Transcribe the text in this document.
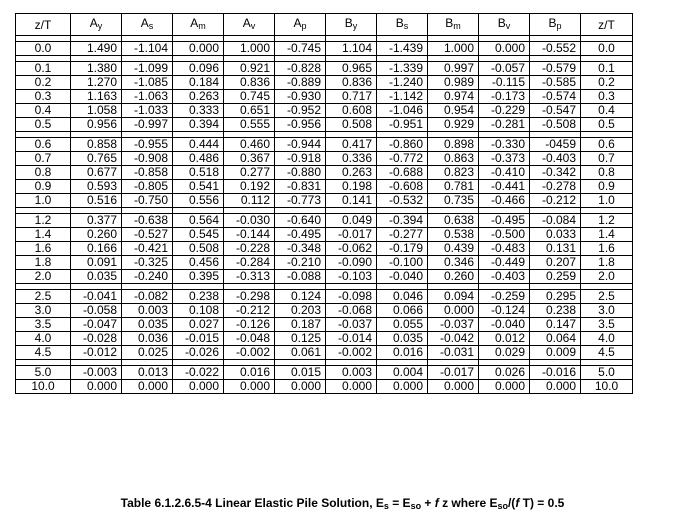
z/T	$A_y$	$A_s$	$A_m$	$A_v$	$A_p$	$B_y$	$B_s$	$B_m$	$B_v$	$B_p$	z/T

0.0	1.490	-1.104	0.000	1.000	-0.745	1.104	-1.439	1.000	0.000	-0.552	0.0

0.1	1.380	-1.099	0.096	0.921	-0.828	0.965	-1.339	0.997	-0.057	-0.579	0.1
0.2	1.270	-1.085	0.184	0.836	-0.889	0.836	-1.240	0.989	-0.115	-0.585	0.2
0.3	1.163	-1.063	0.263	0.745	-0.930	0.717	-1.142	0.974	-0.173	-0.574	0.3
0.4	1.058	-1.033	0.333	0.651	-0.952	0.608	-1.046	0.954	-0.229	-0.547	0.4
0.5	0.956	-0.997	0.394	0.555	-0.956	0.508	-0.951	0.929	-0.281	-0.508	0.5

0.6	0.858	-0.955	0.444	0.460	-0.944	0.417	-0.860	0.898	-0.330	-0459	0.6
0.7	0.765	-0.908	0.486	0.367	-0.918	0.336	-0.772	0.863	-0.373	-0.403	0.7
0.8	0.677	-0.858	0.518	0.277	-0.880	0.263	-0.688	0.823	-0.410	-0.342	0.8
0.9	0.593	-0.805	0.541	0.192	-0.831	0.198	-0.608	0.781	-0.441	-0.278	0.9
1.0	0.516	-0.750	0.556	0.112	-0.773	0.141	-0.532	0.735	-0.466	-0.212	1.0

1.2	0.377	-0.638	0.564	-0.030	-0.640	0.049	-0.394	0.638	-0.495	-0.084	1.2
1.4	0.260	-0.527	0.545	-0.144	-0.495	-0.017	-0.277	0.538	-0.500	0.033	1.4
1.6	0.166	-0.421	0.508	-0.228	-0.348	-0.062	-0.179	0.439	-0.483	0.131	1.6
1.8	0.091	-0.325	0.456	-0.284	-0.210	-0.090	-0.100	0.346	-0.449	0.207	1.8
2.0	0.035	-0.240	0.395	-0.313	-0.088	-0.103	-0.040	0.260	-0.403	0.259	2.0

2.5	-0.041	-0.082	0.238	-0.298	0.124	-0.098	0.046	0.094	-0.259	0.295	2.5
3.0	-0.058	0.003	0.108	-0.212	0.203	-0.068	0.066	0.000	-0.124	0.238	3.0
3.5	-0.047	0.035	0.027	-0.126	0.187	-0.037	0.055	-0.037	-0.040	0.147	3.5
4.0	-0.028	0.036	-0.015	-0.048	0.125	-0.014	0.035	-0.042	0.012	0.064	4.0
4.5	-0.012	0.025	-0.026	-0.002	0.061	-0.002	0.016	-0.031	0.029	0.009	4.5

5.0	-0.003	0.013	-0.022	0.016	0.015	0.003	0.004	-0.017	0.026	-0.016	5.0
10.0	0.000	0.000	0.000	0.000	0.000	0.000	0.000	0.000	0.000	0.000	10.0
Table 6.1.2.6.5-4 Linear Elastic Pile Solution, $E_s = E_{so} + f$ z where $E_{so}/(f$ T) = 0.5
